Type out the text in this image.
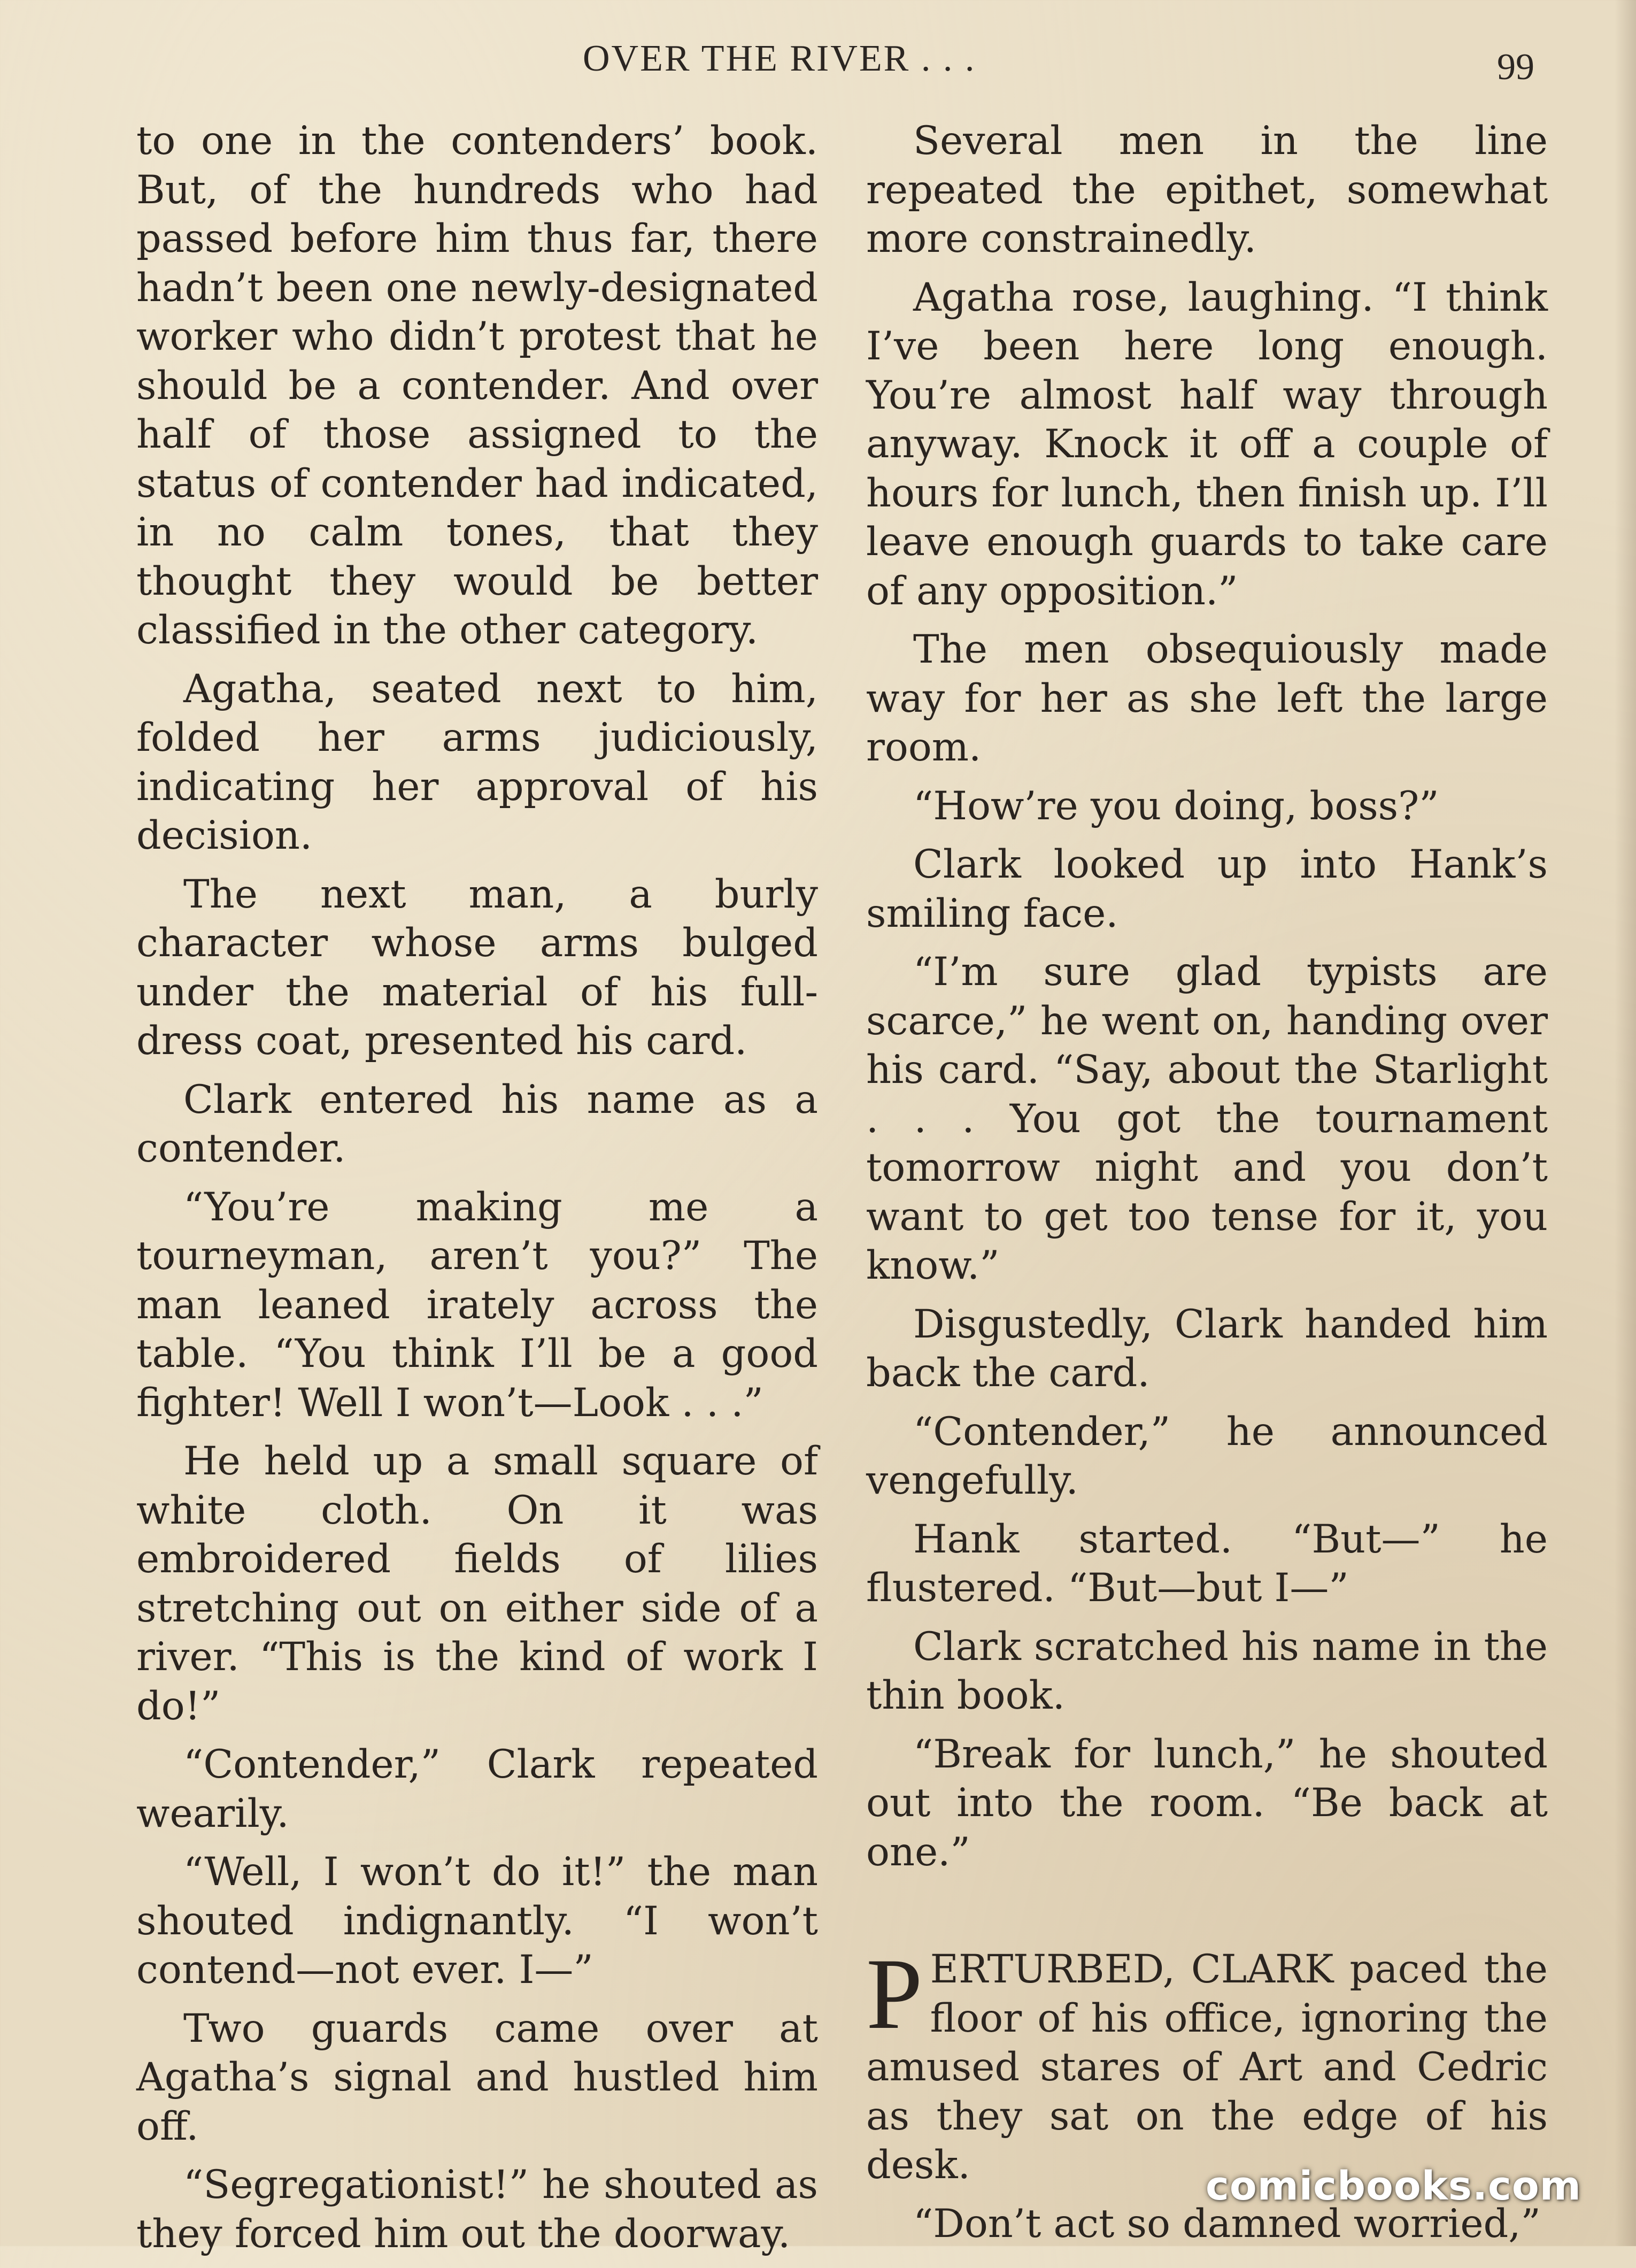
OVER THE RIVER . . .	99

to one in the contenders’ book. But, of the hundreds who had passed before him thus far, there hadn’t been one newly-designated worker who didn’t protest that he should be a contender. And over half of those assigned to the status of contender had indicated, in no calm tones, that they thought they would be better classified in the other category.

Agatha, seated next to him, folded her arms judiciously, indicating her approval of his decision.

The next man, a burly character whose arms bulged under the material of his full-dress coat, presented his card.

Clark entered his name as a contender.

“You’re making me a tourneyman, aren’t you?” The man leaned irately across the table. “You think I’ll be a good fighter! Well I won’t—Look . . .”

He held up a small square of white cloth. On it was embroidered fields of lilies stretching out on either side of a river. “This is the kind of work I do!”

“Contender,” Clark repeated wearily.

“Well, I won’t do it!” the man shouted indignantly. “I won’t contend—not ever. I—”

Two guards came over at Agatha’s signal and hustled him off.

“Segregationist!” he shouted as they forced him out the doorway.

Several men in the line repeated the epithet, somewhat more constrainedly.

Agatha rose, laughing. “I think I’ve been here long enough. You’re almost half way through anyway. Knock it off a couple of hours for lunch, then finish up. I’ll leave enough guards to take care of any opposition.”

The men obsequiously made way for her as she left the large room.

“How’re you doing, boss?”

Clark looked up into Hank’s smiling face.

“I’m sure glad typists are scarce,” he went on, handing over his card. “Say, about the Starlight . . . You got the tournament tomorrow night and you don’t want to get too tense for it, you know.”

Disgustedly, Clark handed him back the card.

“Contender,” he announced vengefully.

Hank started. “But—” he flustered. “But—but I—”

Clark scratched his name in the thin book.

“Break for lunch,” he shouted out into the room. “Be back at one.”

PERTURBED, CLARK paced the floor of his office, ignoring the amused stares of Art and Cedric as they sat on the edge of his desk.

“Don’t act so damned worried,”

comicbooks.com
